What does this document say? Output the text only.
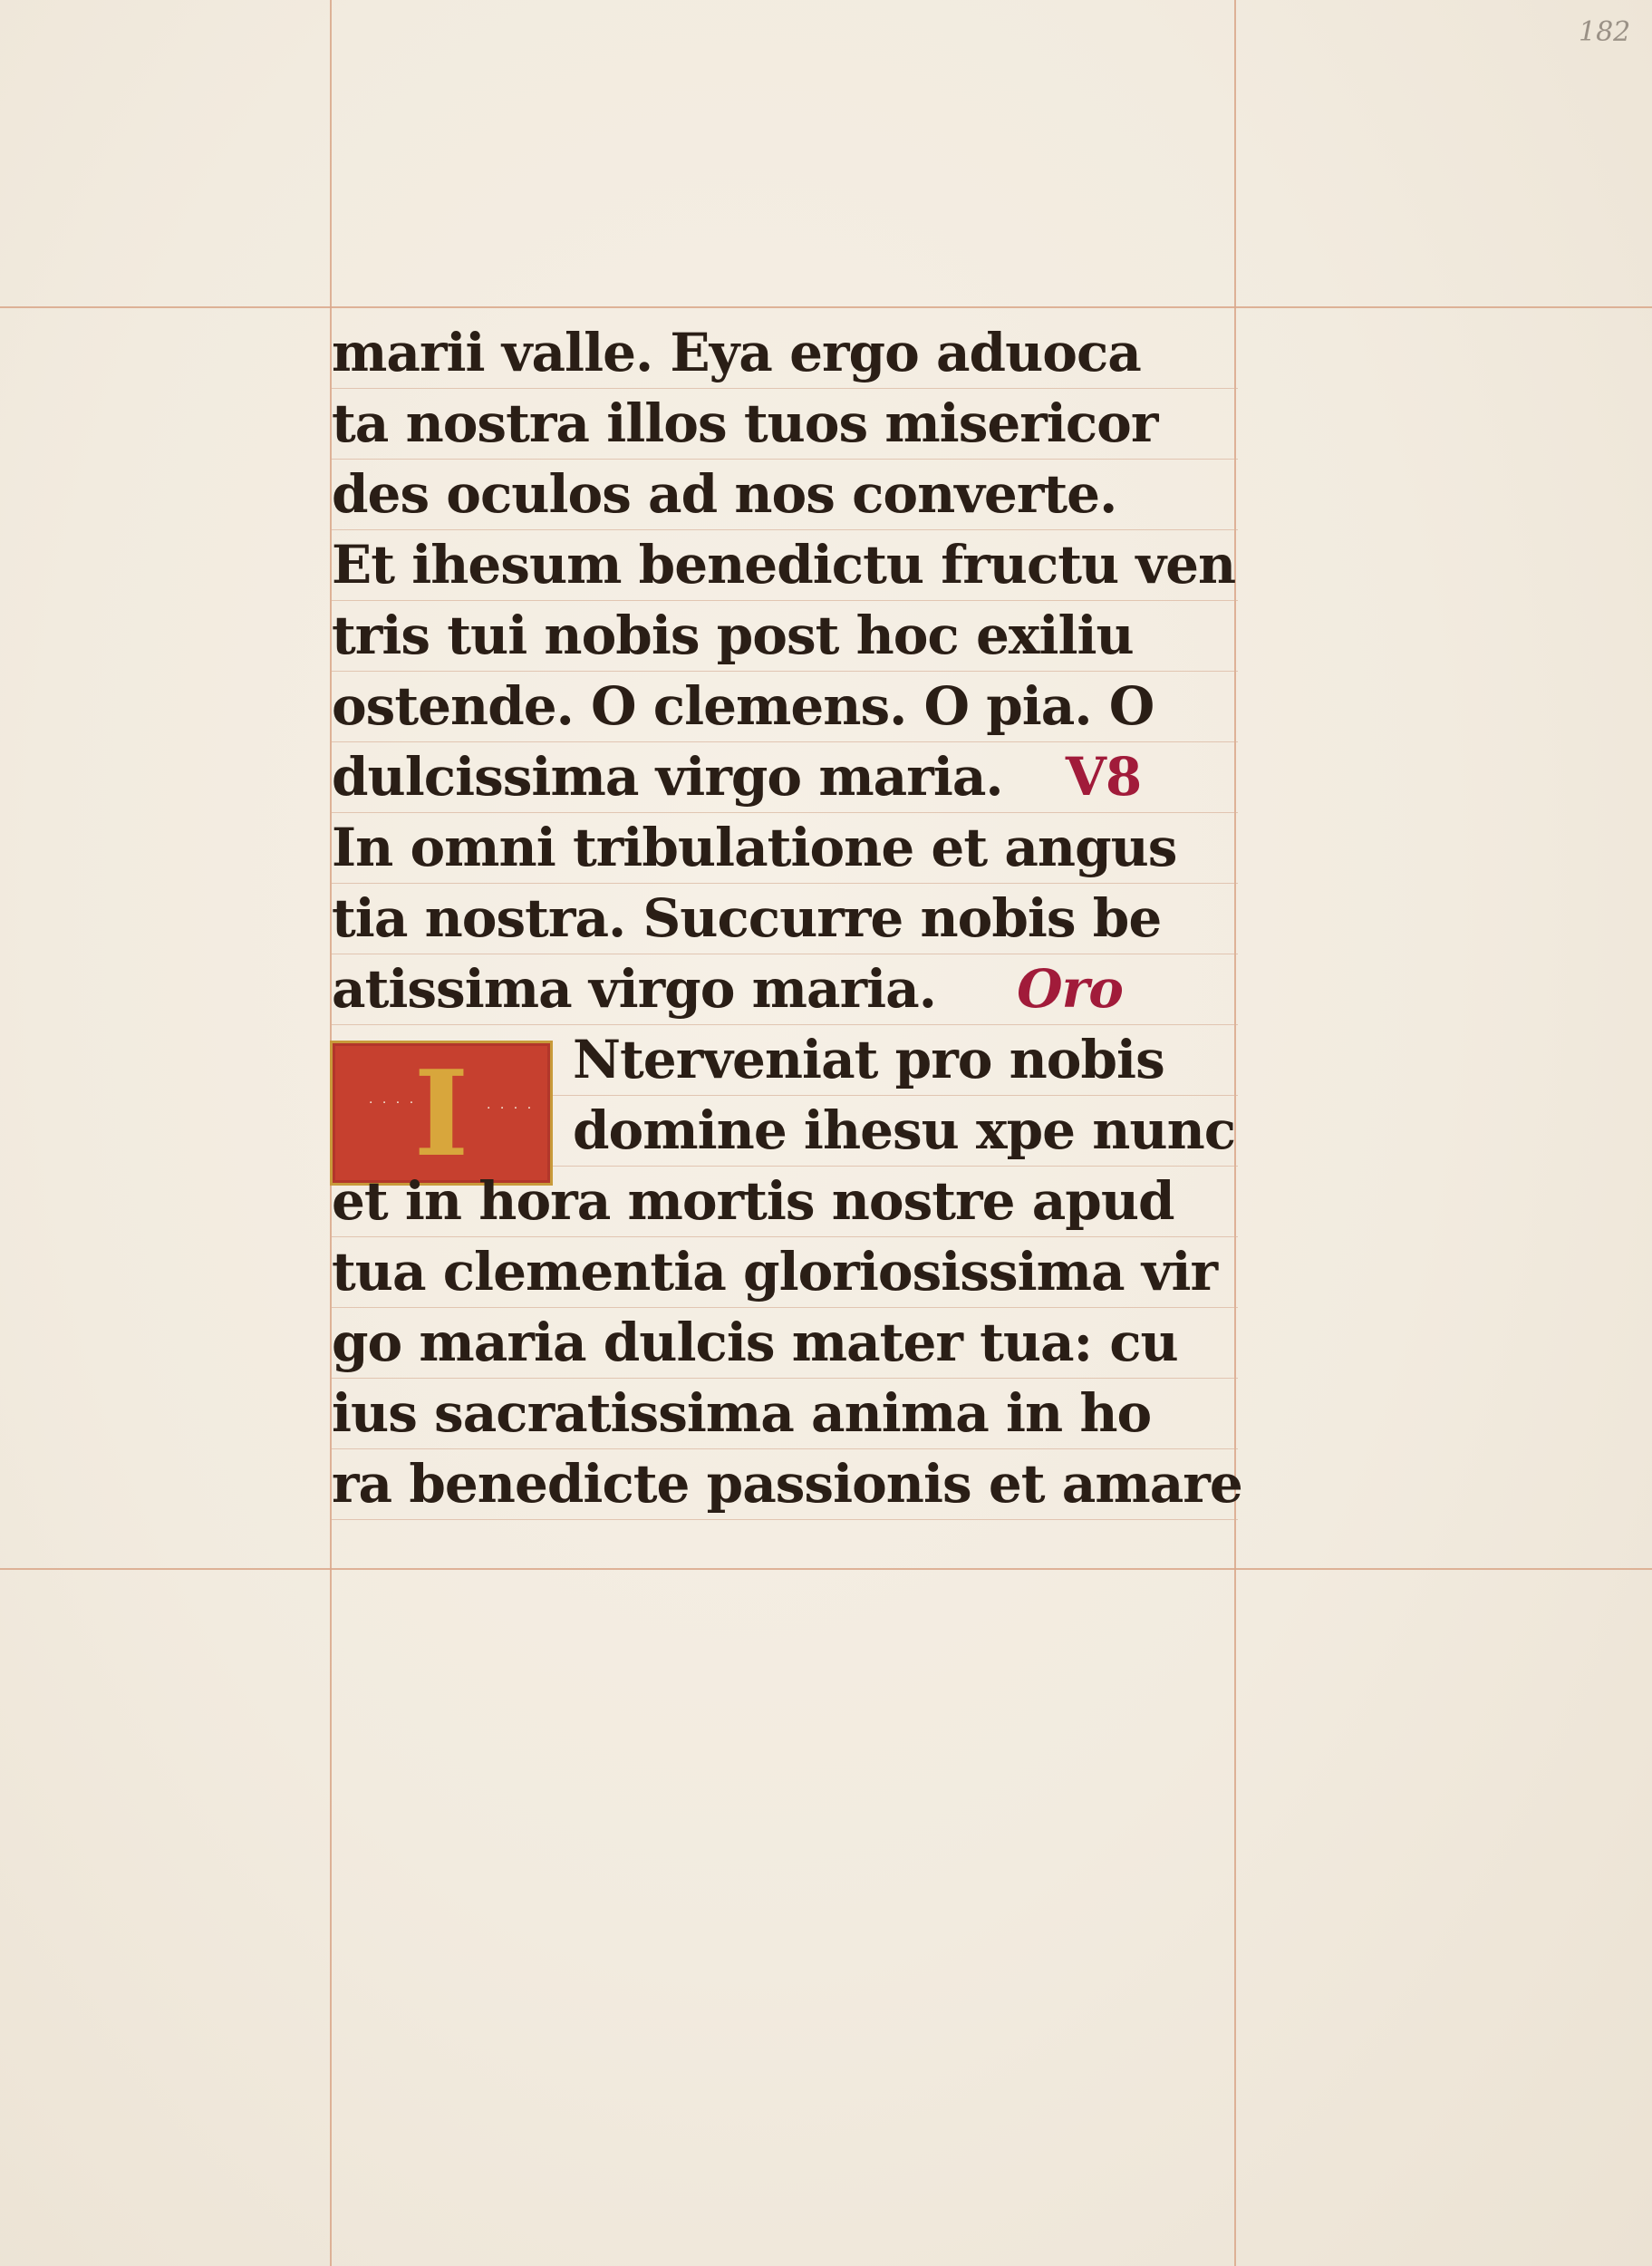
182
· · · ·	· · · ·
I
marii valle. Eya ergo aduoca
ta nostra illos tuos misericor
des oculos ad nos converte.
Et ihesum benedictu fructu ven
tris tui nobis post hoc exiliu
ostende. O clemens. O pia. O
dulcissima virgo maria. V8
In omni tribulatione et angus
tia nostra. Succurre nobis be
atissima virgo maria. Oro
Nterveniat pro nobis
domine ihesu xpe nunc
et in hora mortis nostre apud
tua clementia gloriosissima vir
go maria dulcis mater tua: cu
ius sacratissima anima in ho
ra benedicte passionis et amare
